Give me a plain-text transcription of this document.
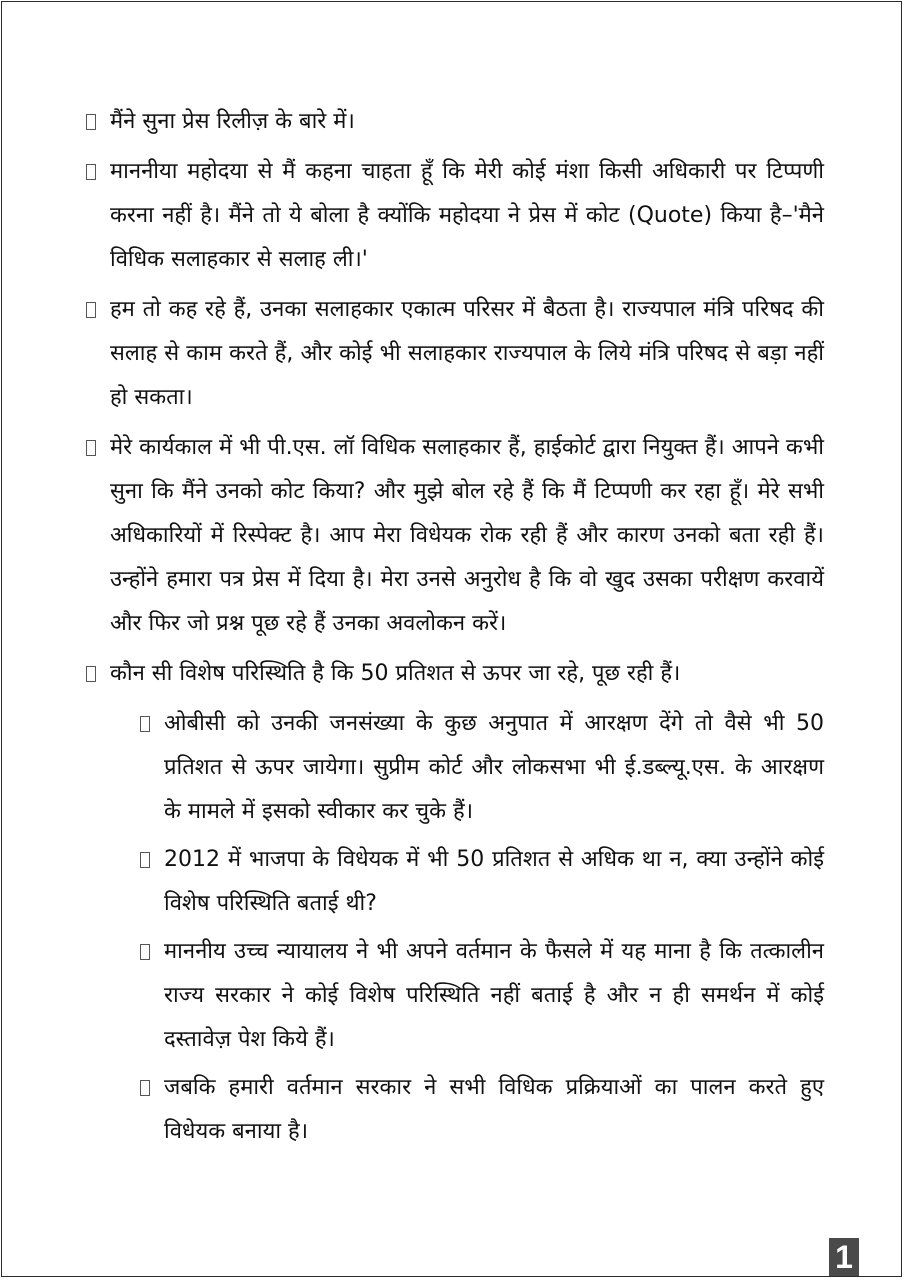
मैंने सुना प्रेस रिलीज़ के बारे में।
माननीया महोदया से मैं कहना चाहता हूँ कि मेरी कोई मंशा किसी अधिकारी पर टिप्पणी करना नहीं है। मैंने तो ये बोला है क्योंकि महोदया ने प्रेस में कोट (Quote) किया है–'मैने विधिक सलाहकार से सलाह ली।'
हम तो कह रहे हैं, उनका सलाहकार एकात्म परिसर में बैठता है। राज्यपाल मंत्रि परिषद की सलाह से काम करते हैं, और कोई भी सलाहकार राज्यपाल के लिये मंत्रि परिषद से बड़ा नहीं हो सकता।
मेरे कार्यकाल में भी पी.एस. लॉ विधिक सलाहकार हैं, हाईकोर्ट द्वारा नियुक्त हैं। आपने कभी सुना कि मैंने उनको कोट किया? और मुझे बोल रहे हैं कि मैं टिप्पणी कर रहा हूँ। मेरे सभी अधिकारियों में रिस्पेक्ट है। आप मेरा विधेयक रोक रही हैं और कारण उनको बता रही हैं। उन्होंने हमारा पत्र प्रेस में दिया है। मेरा उनसे अनुरोध है कि वो खुद उसका परीक्षण करवायें और फिर जो प्रश्न पूछ रहे हैं उनका अवलोकन करें।
कौन सी विशेष परिस्थिति है कि 50 प्रतिशत से ऊपर जा रहे, पूछ रही हैं।
ओबीसी को उनकी जनसंख्या के कुछ अनुपात में आरक्षण देंगे तो वैसे भी 50 प्रतिशत से ऊपर जायेगा। सुप्रीम कोर्ट और लोकसभा भी ई.डब्ल्यू.एस. के आरक्षण के मामले में इसको स्वीकार कर चुके हैं।
2012 में भाजपा के विधेयक में भी 50 प्रतिशत से अधिक था न, क्या उन्होंने कोई विशेष परिस्थिति बताई थी?
माननीय उच्च न्यायालय ने भी अपने वर्तमान के फैसले में यह माना है कि तत्कालीन राज्य सरकार ने कोई विशेष परिस्थिति नहीं बताई है और न ही समर्थन में कोई दस्तावेज़ पेश किये हैं।
जबकि हमारी वर्तमान सरकार ने सभी विधिक प्रक्रियाओं का पालन करते हुए विधेयक बनाया है।
1
